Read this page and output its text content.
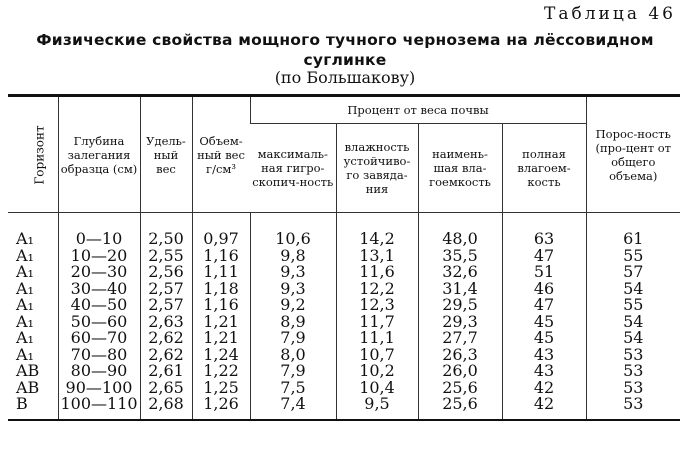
Таблица 46
Физические свойства мощного тучного чернозема на лёссовидном
суглинке
(по Большакову)
Горизонт	Глубина залегания образца (см)	Удель-ный вес	Объем-ный вес г/см³	Процент от веса почвы				Порос-ность (про-цент от общего объема)
				максималь-ная гигро-скопич-ность	влажность устойчиво-го завяда-ния	наимень-шая вла-гоемкость	полная влагоем-кость	

A₁	0—10	2,50	0,97	10,6	14,2	48,0	63	61
A₁	10—20	2,55	1,16	9,8	13,1	35,5	47	55
A₁	20—30	2,56	1,11	9,3	11,6	32,6	51	57
A₁	30—40	2,57	1,18	9,3	12,2	31,4	46	54
A₁	40—50	2,57	1,16	9,2	12,3	29,5	47	55
A₁	50—60	2,63	1,21	8,9	11,7	29,3	45	54
A₁	60—70	2,62	1,21	7,9	11,1	27,7	45	54
A₁	70—80	2,62	1,24	8,0	10,7	26,3	43	53
AB	80—90	2,61	1,22	7,9	10,2	26,0	43	53
AB	90—100	2,65	1,25	7,5	10,4	25,6	42	53
B	100—110	2,68	1,26	7,4	9,5	25,6	42	53
